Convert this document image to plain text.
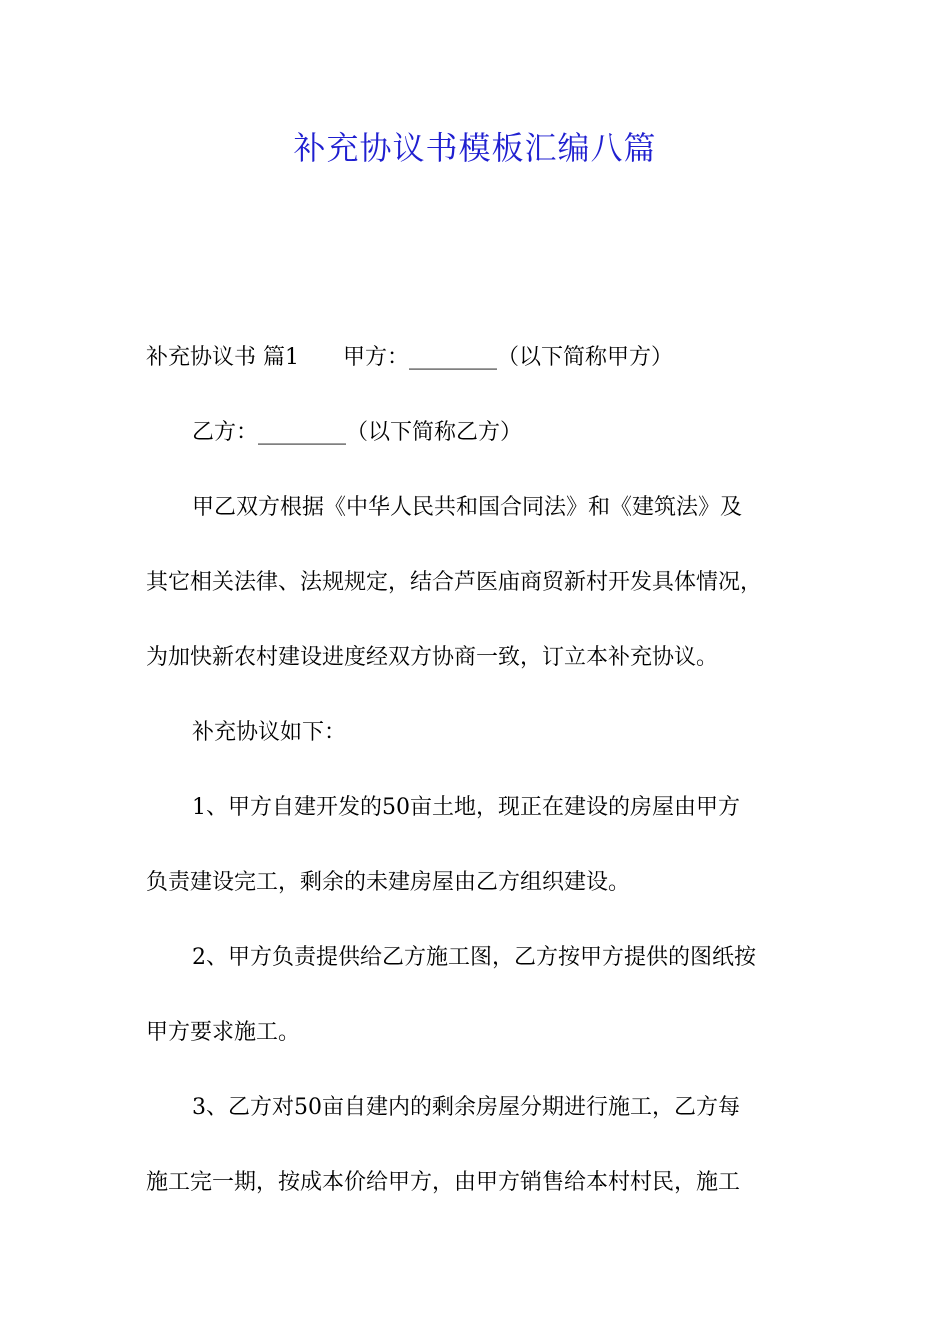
补充协议书模板汇编八篇
补充协议书 篇1　　甲方：________（以下简称甲方）
乙方：________（以下简称乙方）
甲乙双方根据《中华人民共和国合同法》和《建筑法》及
其它相关法律、法规规定，结合芦医庙商贸新村开发具体情况，
为加快新农村建设进度经双方协商一致，订立本补充协议。
补充协议如下：
1、甲方自建开发的50亩土地，现正在建设的房屋由甲方
负责建设完工，剩余的未建房屋由乙方组织建设。
2、甲方负责提供给乙方施工图，乙方按甲方提供的图纸按
甲方要求施工。
3、乙方对50亩自建内的剩余房屋分期进行施工，乙方每
施工完一期，按成本价给甲方，由甲方销售给本村村民，施工
